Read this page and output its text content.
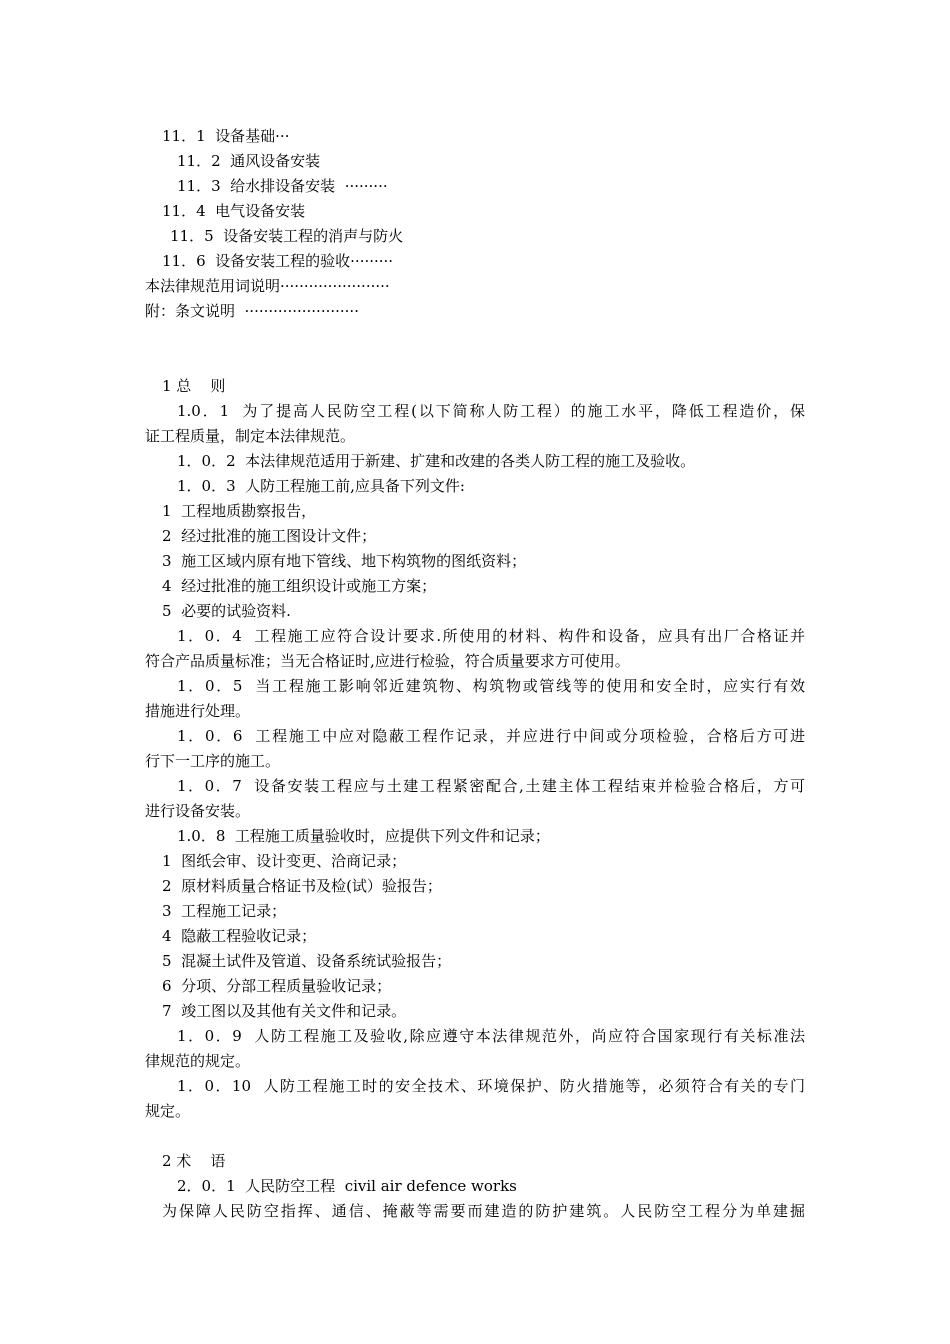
11．1  设备基础···
11．2  通风设备安装
11．3  给水排设备安装  ·········
11．4  电气设备安装
11．5  设备安装工程的消声与防火
11．6  设备安装工程的验收·········
本法律规范用词说明·······················
附：条文说明  ························
1 总    则
1.0．1  为了提高人民防空工程(以下简称人防工程）的施工水平，降低工程造价，保
证工程质量，制定本法律规范。
1．0．2  本法律规范适用于新建、扩建和改建的各类人防工程的施工及验收。
1．0．3  人防工程施工前,应具备下列文件:
1  工程地质勘察报告，
2  经过批准的施工图设计文件；
3  施工区域内原有地下管线、地下构筑物的图纸资料；
4  经过批准的施工组织设计或施工方案；
5  必要的试验资料.
1．0．4  工程施工应符合设计要求.所使用的材料、构件和设备，应具有出厂合格证并
符合产品质量标准；当无合格证时,应进行检验，符合质量要求方可使用。
1．0．5  当工程施工影响邻近建筑物、构筑物或管线等的使用和安全时，应实行有效
措施进行处理。
1．0．6  工程施工中应对隐蔽工程作记录，并应进行中间或分项检验，合格后方可进
行下一工序的施工。
1．0．7  设备安装工程应与土建工程紧密配合,土建主体工程结束并检验合格后，方可
进行设备安装。
1.0．8  工程施工质量验收时，应提供下列文件和记录；
1  图纸会审、设计变更、洽商记录；
2  原材料质量合格证书及检(试）验报告；
3  工程施工记录；
4  隐蔽工程验收记录；
5  混凝土试件及管道、设备系统试验报告；
6  分项、分部工程质量验收记录；
7  竣工图以及其他有关文件和记录。
1．0．9  人防工程施工及验收,除应遵守本法律规范外，尚应符合国家现行有关标准法
律规范的规定。
1．0．10  人防工程施工时的安全技术、环境保护、防火措施等，必须符合有关的专门
规定。
2 术    语
2．0．1  人民防空工程  civil air defence works
为保障人民防空指挥、通信、掩蔽等需要而建造的防护建筑。人民防空工程分为单建掘
